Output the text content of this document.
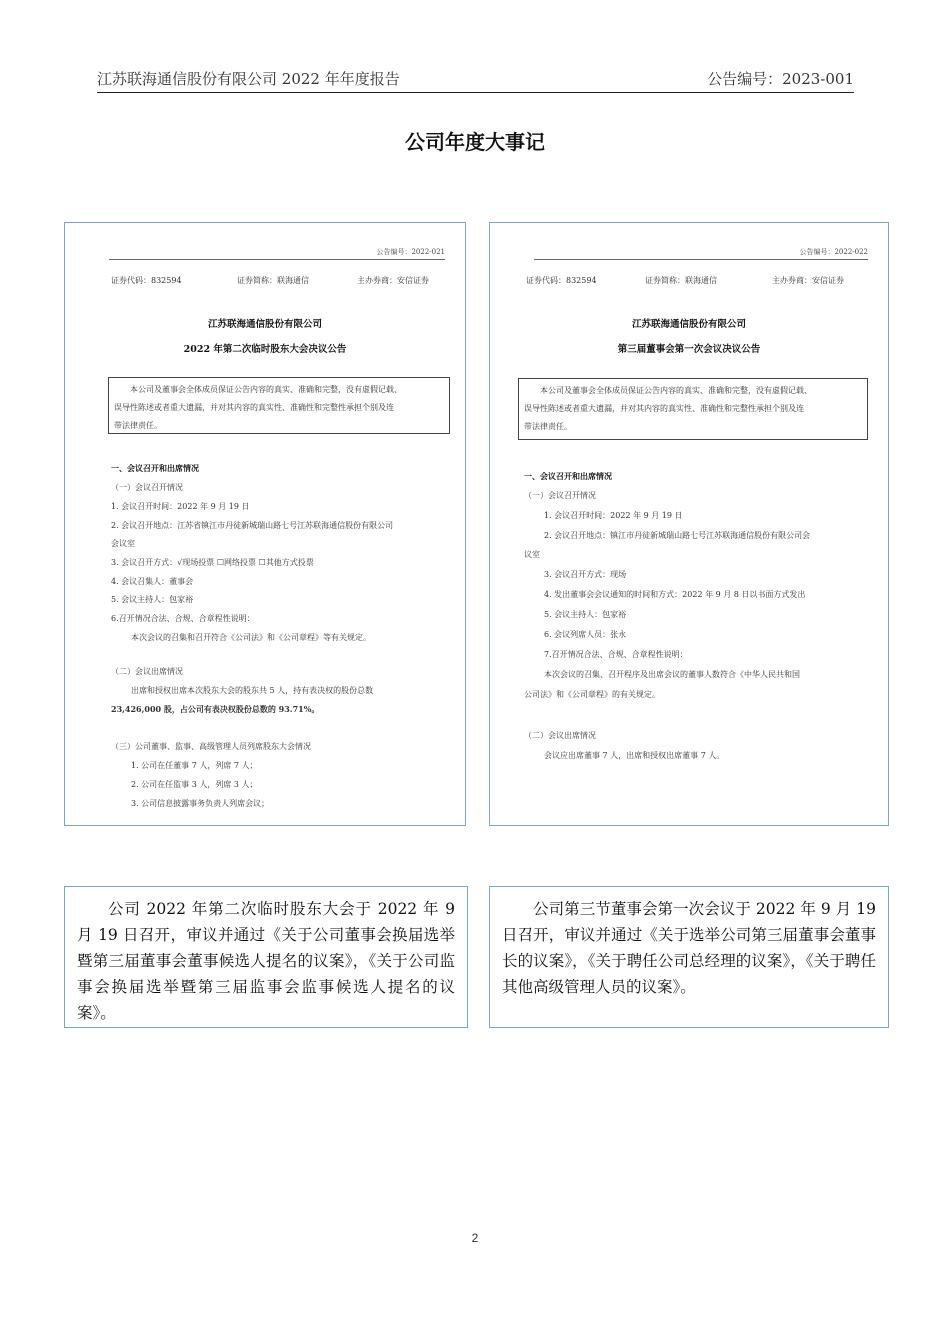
江苏联海通信股份有限公司 2022 年年度报告	公告编号：2023-001
公司年度大事记
公告编号：2022-021
证券代码：832594	证券简称：联海通信	主办券商：安信证券
江苏联海通信股份有限公司
2022 年第二次临时股东大会决议公告

本公司及董事会全体成员保证公告内容的真实、准确和完整，没有虚假记载、

误导性陈述或者重大遗漏，并对其内容的真实性、准确性和完整性承担个别及连
带法律责任。
一、会议召开和出席情况
（一）会议召开情况
1. 会议召开时间：2022 年 9 月 19 日
2. 会议召开地点：江苏省镇江市丹徒新城瑞山路七号江苏联海通信股份有限公司
会议室
3. 会议召开方式：√现场投票 ☐网络投票 ☐其他方式投票
4. 会议召集人：董事会
5. 会议主持人：包家裕
6.召开情况合法、合规、合章程性说明：
本次会议的召集和召开符合《公司法》和《公司章程》等有关规定。
（二）会议出席情况
出席和授权出席本次股东大会的股东共 5 人，持有表决权的股份总数
23,426,000 股，占公司有表决权股份总数的 93.71%。
（三）公司董事、监事、高级管理人员列席股东大会情况
1. 公司在任董事 7 人，列席 7 人；
2. 公司在任监事 3 人，列席 3 人；
3. 公司信息披露事务负责人列席会议；
公告编号：2022-022
证券代码：832594	证券简称：联海通信	主办券商：安信证券
江苏联海通信股份有限公司
第三届董事会第一次会议决议公告

本公司及董事会全体成员保证公告内容的真实、准确和完整，没有虚假记载、

误导性陈述或者重大遗漏，并对其内容的真实性、准确性和完整性承担个别及连
带法律责任。
一、会议召开和出席情况
（一）会议召开情况
1. 会议召开时间：2022 年 9 月 19 日
2. 会议召开地点：镇江市丹徒新城瑞山路七号江苏联海通信股份有限公司会
议室
3. 会议召开方式：现场
4. 发出董事会会议通知的时间和方式：2022 年 9 月 8 日以书面方式发出
5. 会议主持人：包家裕
6. 会议列席人员：张永
7.召开情况合法、合规、合章程性说明：
本次会议的召集、召开程序及出席会议的董事人数符合《中华人民共和国
公司法》和《公司章程》的有关规定。
（二）会议出席情况
会议应出席董事 7 人，出席和授权出席董事 7 人。

公司 2022 年第二次临时股东大会于 2022 年 9 月 19 日召开，审议并通过《关于公司董事会换届选举暨第三届董事会董事候选人提名的议案》，《关于公司监事会换届选举暨第三届监事会监事候选人提名的议案》。

公司第三节董事会第一次会议于 2022 年 9 月 19 日召开，审议并通过《关于选举公司第三届董事会董事长的议案》，《关于聘任公司总经理的议案》，《关于聘任其他高级管理人员的议案》。

2
